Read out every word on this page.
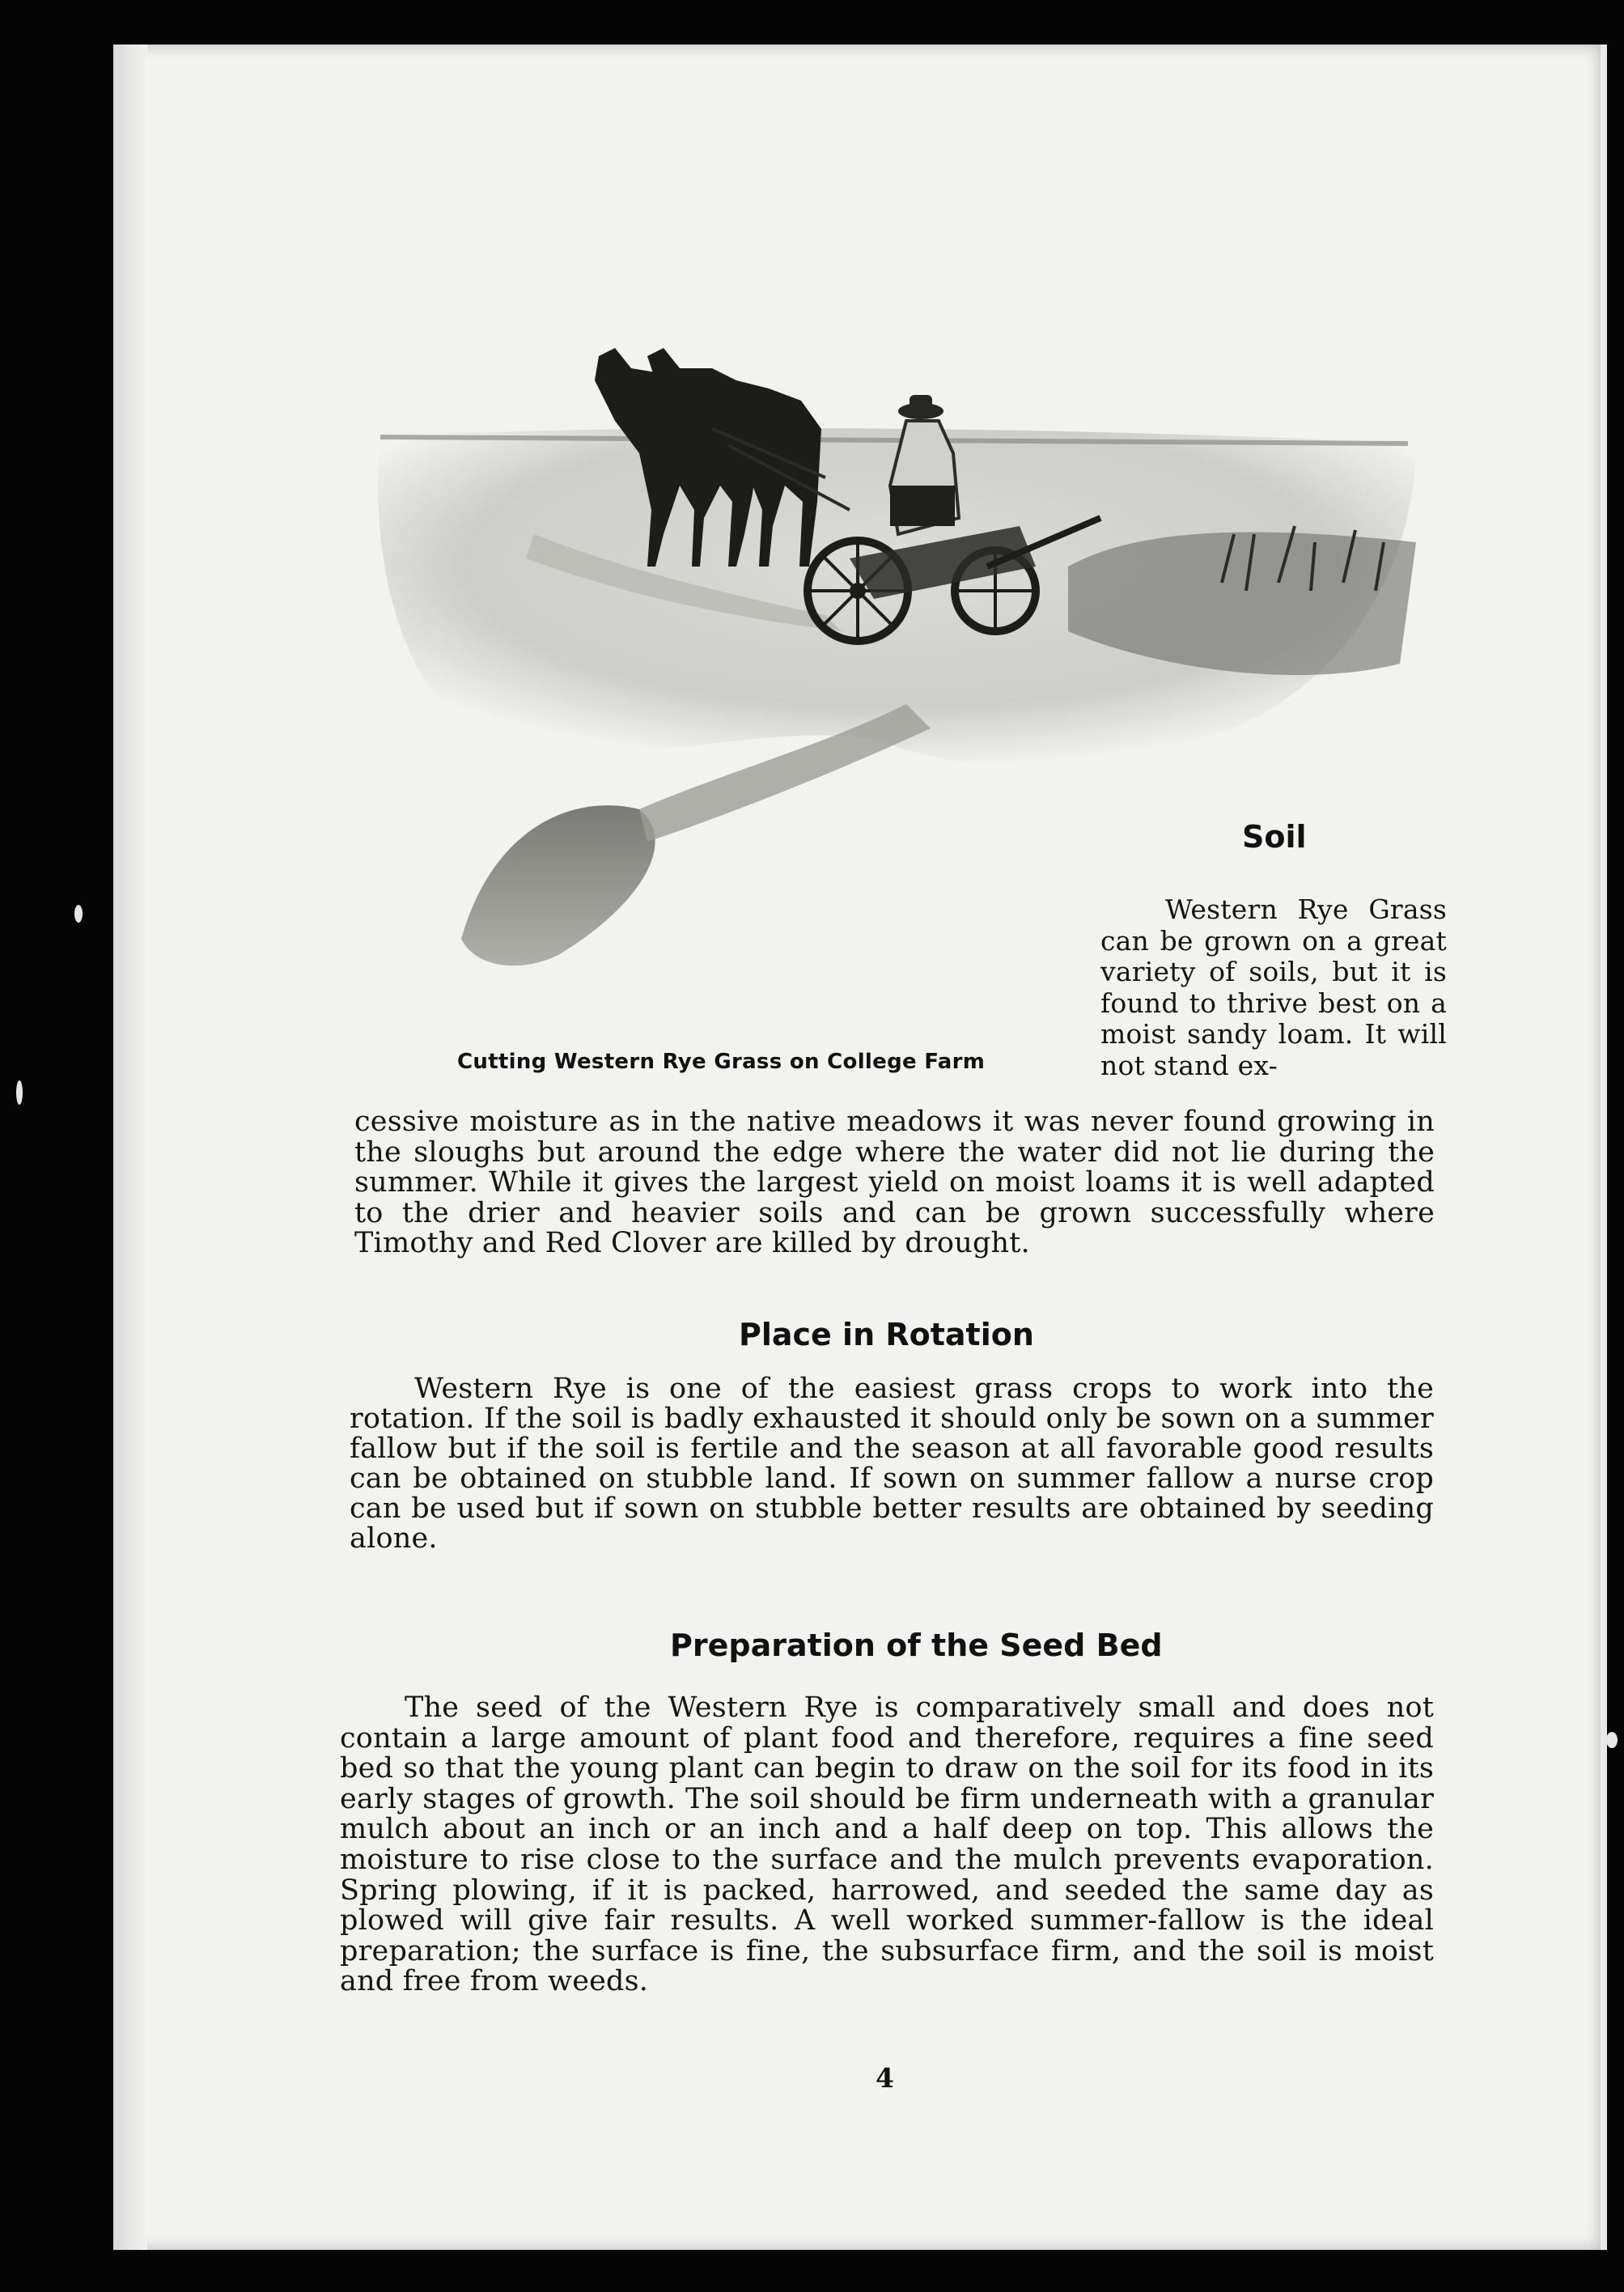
Cutting Western Rye Grass on College Farm
Soil

Western Rye Grass can be grown on a great variety of soils, but it is found to thrive best on a moist sandy loam. It will not stand ex-

cessive moisture as in the native meadows it was never found growing in the sloughs but around the edge where the water did not lie during the summer. While it gives the largest yield on moist loams it is well adapted to the drier and heavier soils and can be grown successfully where Timothy and Red Clover are killed by drought.

Place in Rotation

Western Rye is one of the easiest grass crops to work into the rotation. If the soil is badly exhausted it should only be sown on a summer fallow but if the soil is fertile and the season at all favorable good results can be obtained on stubble land. If sown on summer fallow a nurse crop can be used but if sown on stubble better results are obtained by seeding alone.

Preparation of the Seed Bed

The seed of the Western Rye is comparatively small and does not contain a large amount of plant food and therefore, requires a fine seed bed so that the young plant can begin to draw on the soil for its food in its early stages of growth. The soil should be firm underneath with a granular mulch about an inch or an inch and a half deep on top. This allows the moisture to rise close to the surface and the mulch prevents evaporation. Spring plowing, if it is packed, harrowed, and seeded the same day as plowed will give fair results. A well worked summer-fallow is the ideal preparation; the surface is fine, the subsurface firm, and the soil is moist and free from weeds.

4
